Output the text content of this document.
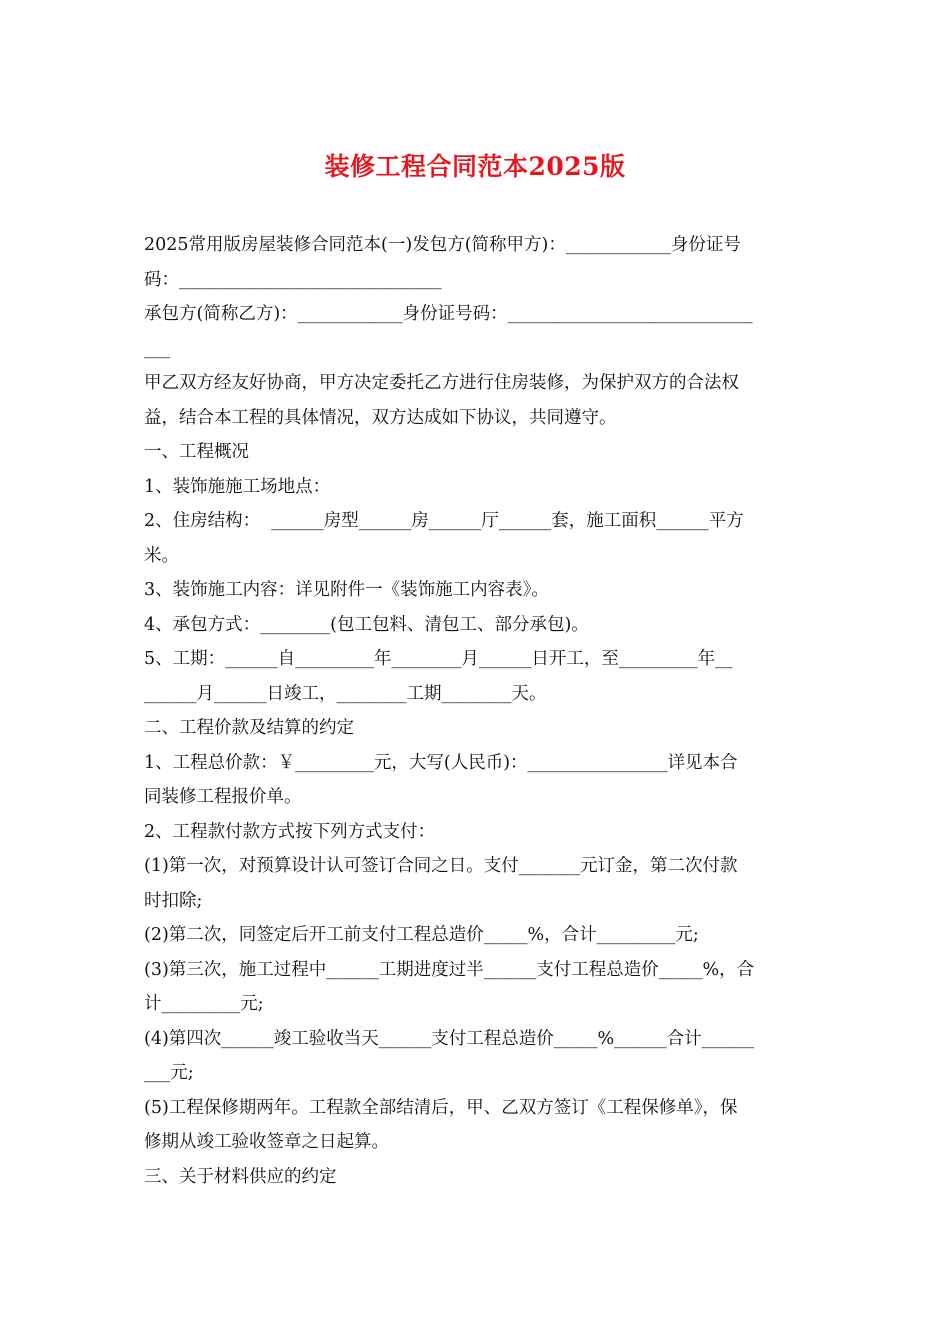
装修工程合同范本2025版
2025常用版房屋装修合同范本(一)发包方(简称甲方)：____________身份证号
码：______________________________
承包方(简称乙方)：____________身份证号码：____________________________
___
甲乙双方经友好协商，甲方决定委托乙方进行住房装修，为保护双方的合法权
益，结合本工程的具体情况，双方达成如下协议，共同遵守。
一、工程概况
1、装饰施施工场地点：
2、住房结构：  ______房型______房______厅______套，施工面积______平方
米。
3、装饰施工内容：详见附件一《装饰施工内容表》。
4、承包方式：________(包工包料、清包工、部分承包)。
5、工期：______自_________年________月______日开工，至_________年__
______月______日竣工，________工期________天。
二、工程价款及结算的约定
1、工程总价款：￥_________元，大写(人民币)：________________详见本合
同装修工程报价单。
2、工程款付款方式按下列方式支付：
(1)第一次，对预算设计认可签订合同之日。支付_______元订金，第二次付款
时扣除;
(2)第二次，同签定后开工前支付工程总造价_____%，合计_________元;
(3)第三次，施工过程中______工期进度过半______支付工程总造价_____%，合
计_________元;
(4)第四次______竣工验收当天______支付工程总造价_____%______合计______
___元;
(5)工程保修期两年。工程款全部结清后，甲、乙双方签订《工程保修单》，保
修期从竣工验收签章之日起算。
三、关于材料供应的约定
